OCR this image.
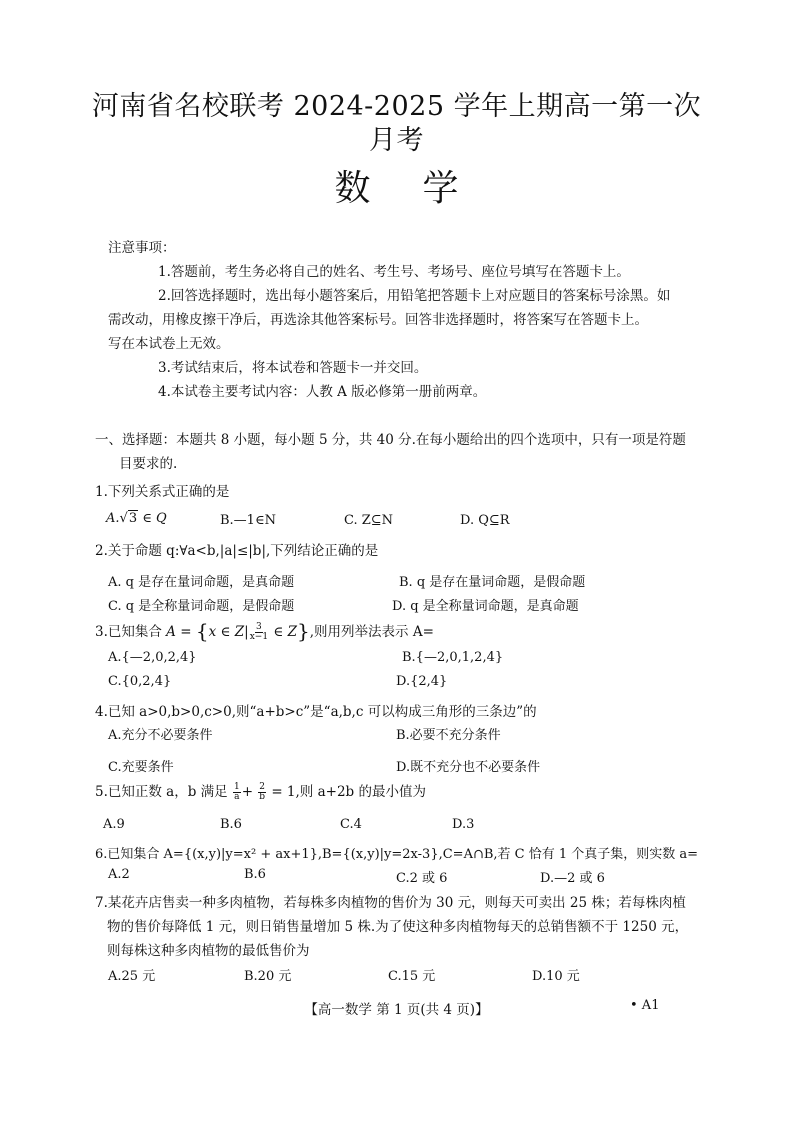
河南省名校联考 2024-2025 学年上期高一第一次
月考
数学

注意事项：

1.答题前，考生务必将自己的姓名、考生号、考场号、座位号填写在答题卡上。

2.回答选择题时，选出每小题答案后，用铅笔把答题卡上对应题目的答案标号涂黑。如

需改动，用橡皮擦干净后，再选涂其他答案标号。回答非选择题时，将答案写在答题卡上。

写在本试卷上无效。

3.考试结束后，将本试卷和答题卡一并交回。

4.本试卷主要考试内容：人教 A 版必修第一册前两章。

一、选择题：本题共 8 小题，每小题 5 分，共 40 分.在每小题给出的四个选项中，只有一项是符题
目要求的.
1.下列关系式正确的是
A.√3 ∈ Q	B.—1∈N	C. Z⊆N	D. Q⊆R
2.关于命题 q:∀a<b,|a|≤|b|,下列结论正确的是
A. q 是存在量词命题，是真命题	B. q 是存在量词命题，是假命题
C. q 是全称量词命题，是假命题	D. q 是全称量词命题，是真命题
3.已知集合 A = {x ∈ $Z| \frac{3}{x-1}$ ∈ Z},则用列举法表示 A=
A.{—2,0,2,4}	B.{—2,0,1,2,4}
C.{0,2,4}	D.{2,4}
4.已知 a>0,b>0,c>0,则“a+b>c”是“a,b,c 可以构成三角形的三条边”的
A.充分不必要条件	B.必要不充分条件
C.充要条件	D.既不充分也不必要条件
5.已知正数 a，b 满足 $\frac{1}{a} + \frac{2}{b} = 1$,则 a+2b 的最小值为
A.9	B.6	C.4	D.3
6.已知集合 A={(x,y)|y=x² + ax+1},B={(x,y)|y=2x-3},C=A∩B,若 C 恰有 1 个真子集，则实数 a=
A.2	B.6	C.2 或 6	D.—2 或 6
7.某花卉店售卖一种多肉植物，若每株多肉植物的售价为 30 元，则每天可卖出 25 株；若每株肉植
物的售价每降低 1 元，则日销售量增加 5 株.为了使这种多肉植物每天的总销售额不于 1250 元，
则每株这种多肉植物的最低售价为
A.25 元	B.20 元	C.15 元	D.10 元
【高一数学 第 1 页(共 4 页)】	• A1
